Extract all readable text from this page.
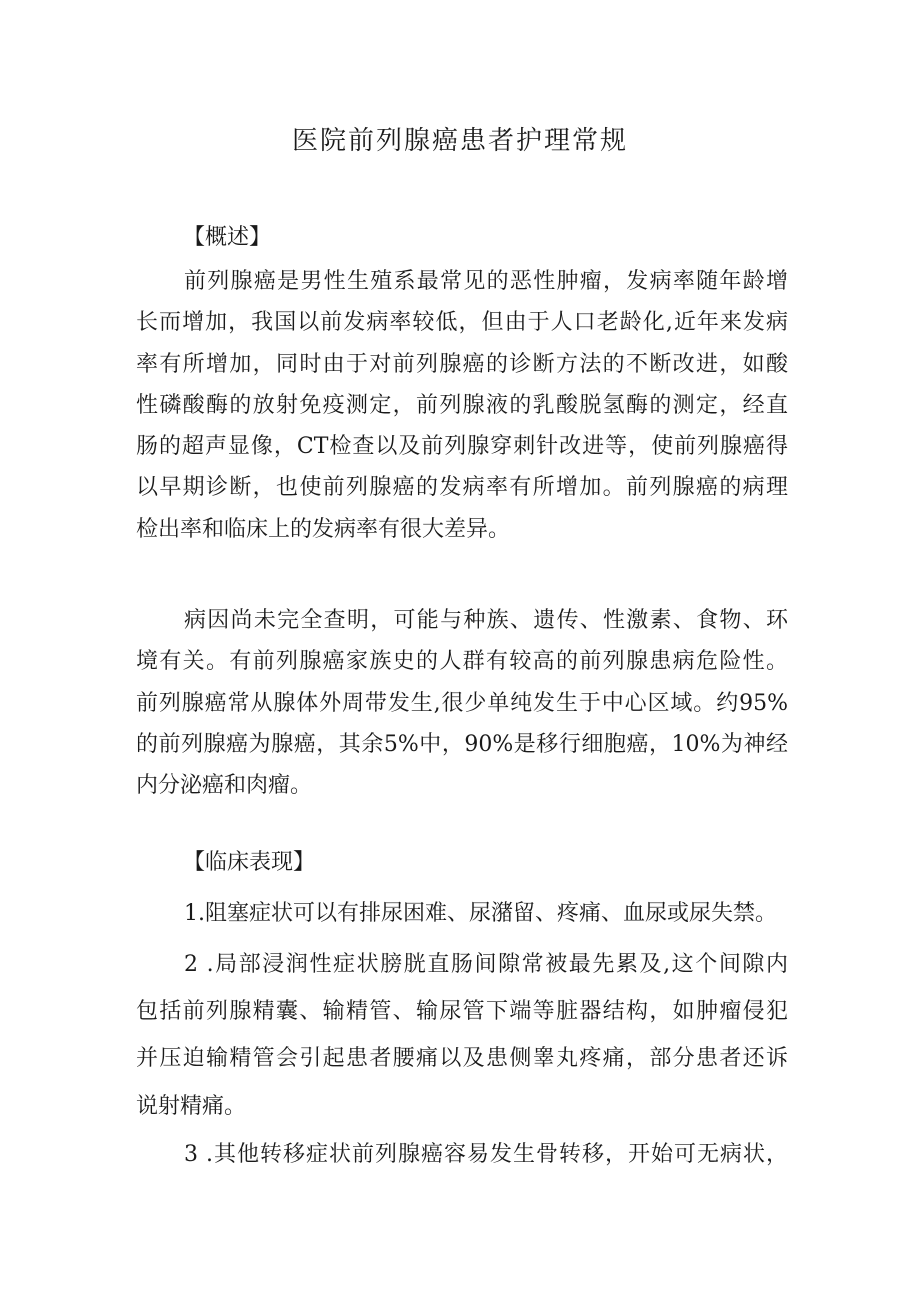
医院前列腺癌患者护理常规
【概述】
前列腺癌是男性生殖系最常见的恶性肿瘤，发病率随年龄增
长而增加，我国以前发病率较低，但由于人口老龄化,近年来发病
率有所增加，同时由于对前列腺癌的诊断方法的不断改进，如酸
性磷酸酶的放射免疫测定，前列腺液的乳酸脱氢酶的测定，经直
肠的超声显像，CT检查以及前列腺穿刺针改进等，使前列腺癌得
以早期诊断，也使前列腺癌的发病率有所增加。前列腺癌的病理
检出率和临床上的发病率有很大差异。
病因尚未完全查明，可能与种族、遗传、性激素、食物、环
境有关。有前列腺癌家族史的人群有较高的前列腺患病危险性。
前列腺癌常从腺体外周带发生,很少单纯发生于中心区域。约95%
的前列腺癌为腺癌，其余5%中，90%是移行细胞癌，10%为神经
内分泌癌和肉瘤。
【临床表现】
1.阻塞症状可以有排尿困难、尿潴留、疼痛、血尿或尿失禁。
2 .局部浸润性症状膀胱直肠间隙常被最先累及,这个间隙内
包括前列腺精囊、输精管、输尿管下端等脏器结构，如肿瘤侵犯
并压迫输精管会引起患者腰痛以及患侧睾丸疼痛，部分患者还诉
说射精痛。
3 .其他转移症状前列腺癌容易发生骨转移，开始可无病状，
